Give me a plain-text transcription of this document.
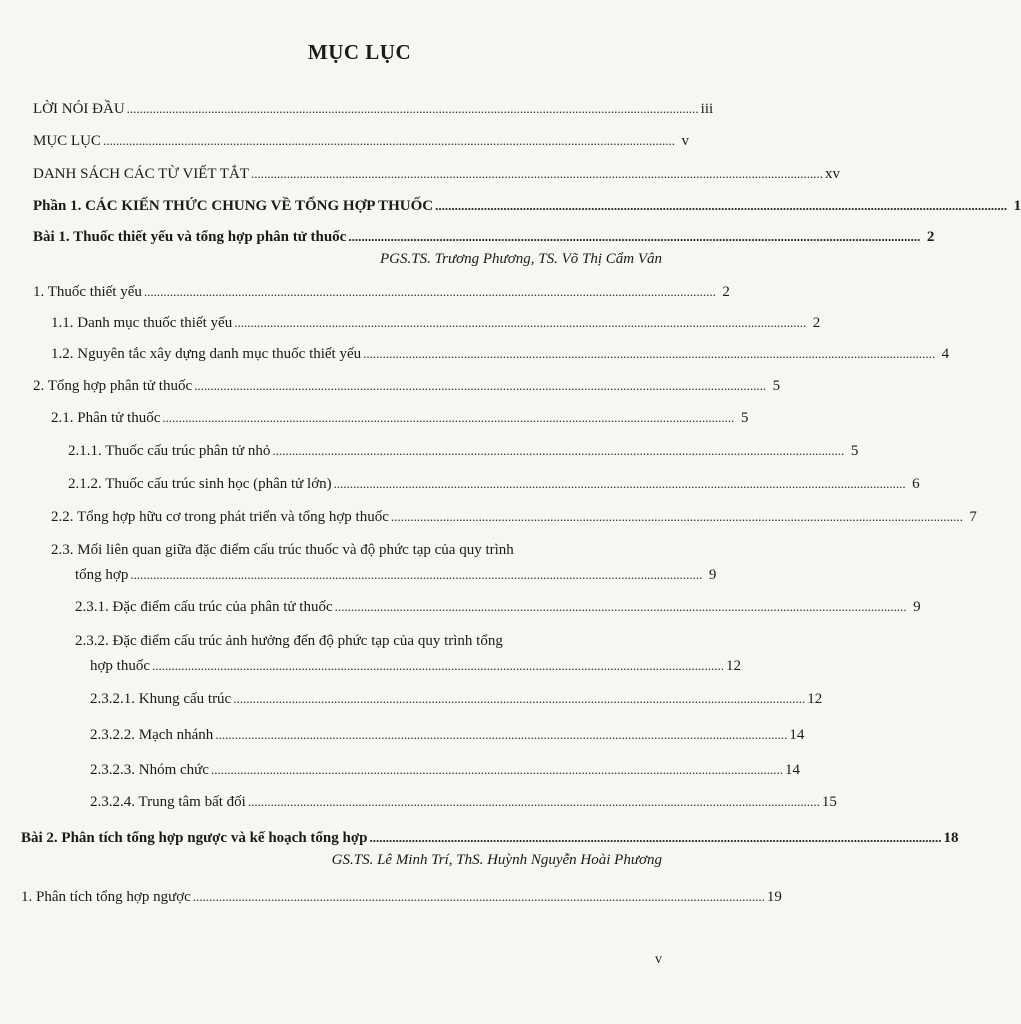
MỤC LỤC
LỜI NÓI ĐẦU ................................................................................................................................................................................ iii
MỤC LỤC ................................................................................................................................................................................ v
DANH SÁCH CÁC TỪ VIẾT TẮT ................................................................................................................................................................................ xv
Phần 1. CÁC KIẾN THỨC CHUNG VỀ TỔNG HỢP THUỐC ................................................................................................................................................................................ 1
Bài 1. Thuốc thiết yếu và tổng hợp phân tử thuốc ................................................................................................................................................................................ 2
PGS.TS. Trương Phương, TS. Võ Thị Cẩm Vân
1. Thuốc thiết yếu ................................................................................................................................................................................ 2
1.1. Danh mục thuốc thiết yếu ................................................................................................................................................................................ 2
1.2. Nguyên tắc xây dựng danh mục thuốc thiết yếu ................................................................................................................................................................................ 4
2. Tổng hợp phân tử thuốc ................................................................................................................................................................................ 5
2.1. Phân tử thuốc ................................................................................................................................................................................ 5
2.1.1. Thuốc cấu trúc phân tử nhỏ ................................................................................................................................................................................ 5
2.1.2. Thuốc cấu trúc sinh học (phân tử lớn) ................................................................................................................................................................................ 6
2.2. Tổng hợp hữu cơ trong phát triển và tổng hợp thuốc ................................................................................................................................................................................ 7
2.3. Mối liên quan giữa đặc điểm cấu trúc thuốc và độ phức tạp của quy trình
tổng hợp ................................................................................................................................................................................ 9
2.3.1. Đặc điểm cấu trúc của phân tử thuốc ................................................................................................................................................................................ 9
2.3.2. Đặc điểm cấu trúc ảnh hưởng đến độ phức tạp của quy trình tổng
hợp thuốc ................................................................................................................................................................................ 12
2.3.2.1. Khung cấu trúc ................................................................................................................................................................................ 12
2.3.2.2. Mạch nhánh ................................................................................................................................................................................ 14
2.3.2.3. Nhóm chức ................................................................................................................................................................................ 14
2.3.2.4. Trung tâm bất đối ................................................................................................................................................................................ 15
Bài 2. Phân tích tổng hợp ngược và kế hoạch tổng hợp ................................................................................................................................................................................ 18
GS.TS. Lê Minh Trí, ThS. Huỳnh Nguyễn Hoài Phương
1. Phân tích tổng hợp ngược ................................................................................................................................................................................ 19
v
